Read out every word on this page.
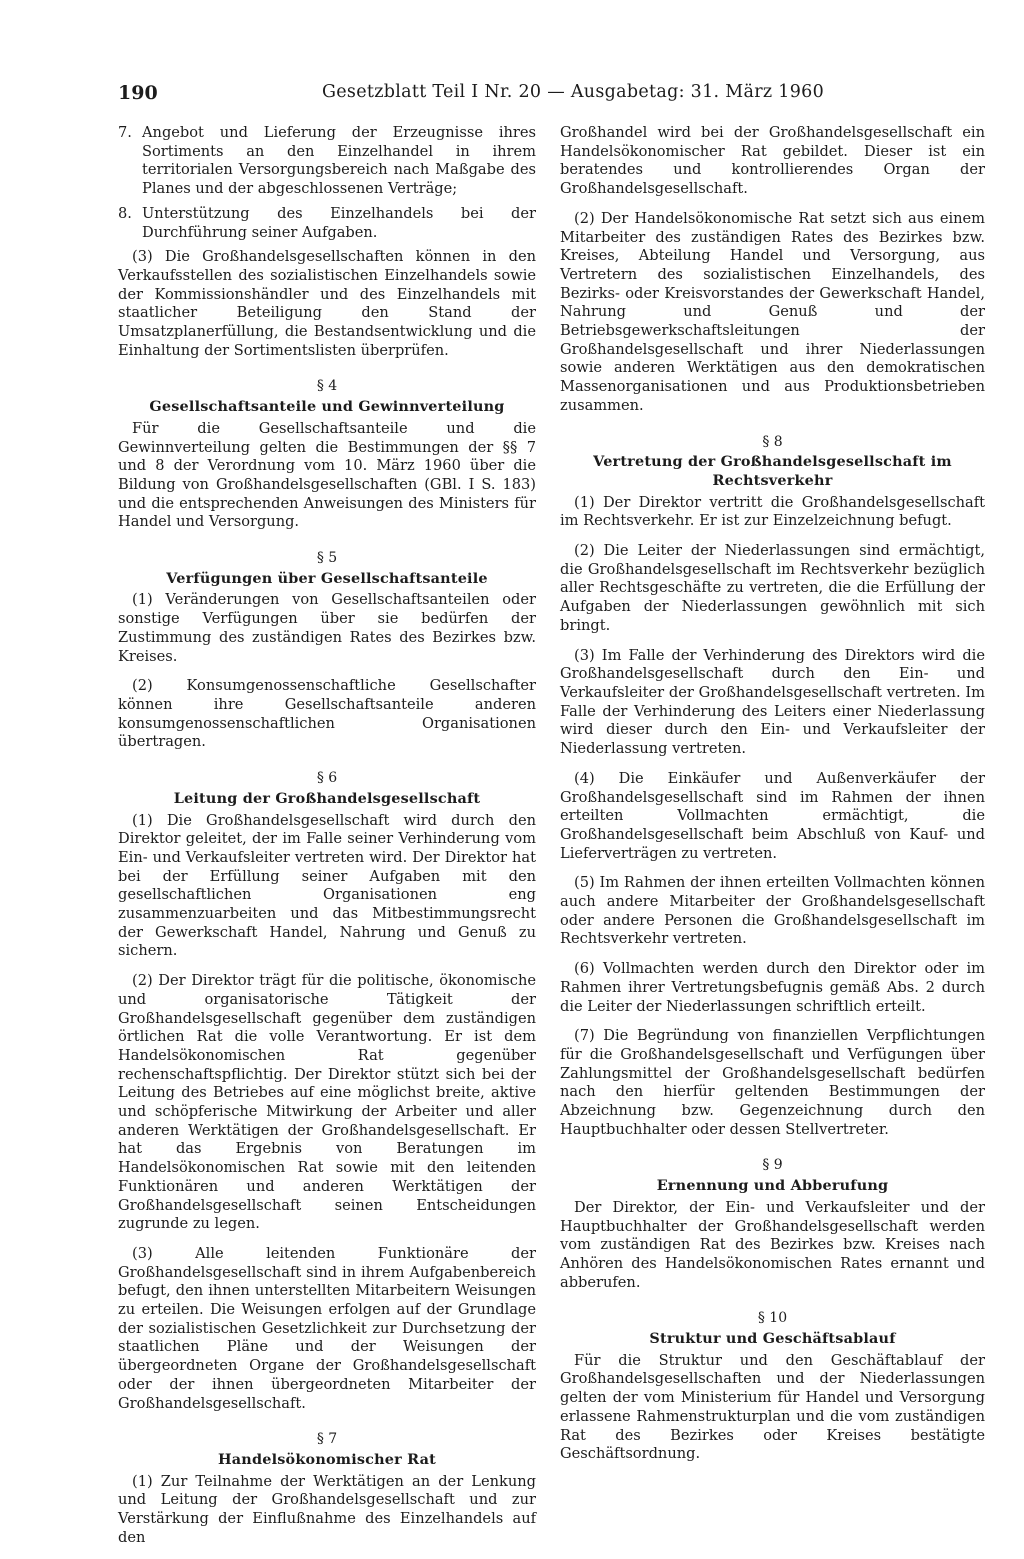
190	Gesetzblatt Teil I Nr. 20 — Ausgabetag: 31. März 1960
7. Angebot und Lieferung der Erzeugnisse ihres Sortiments an den Einzelhandel in ihrem territorialen Versorgungsbereich nach Maßgabe des Planes und der abgeschlossenen Verträge;
8. Unterstützung des Einzelhandels bei der Durchführung seiner Aufgaben.

(3) Die Großhandelsgesellschaften können in den Verkaufsstellen des sozialistischen Einzelhandels sowie der Kommissionshändler und des Einzelhandels mit staatlicher Beteiligung den Stand der Umsatzplanerfüllung, die Bestandsentwicklung und die Einhaltung der Sortimentslisten überprüfen.

§ 4
Gesellschaftsanteile und Gewinnverteilung

Für die Gesellschaftsanteile und die Gewinnverteilung gelten die Bestimmungen der §§ 7 und 8 der Verordnung vom 10. März 1960 über die Bildung von Großhandelsgesellschaften (GBl. I S. 183) und die entsprechenden Anweisungen des Ministers für Handel und Versorgung.

§ 5
Verfügungen über Gesellschaftsanteile

(1) Veränderungen von Gesellschaftsanteilen oder sonstige Verfügungen über sie bedürfen der Zustimmung des zuständigen Rates des Bezirkes bzw. Kreises.

(2) Konsumgenossenschaftliche Gesellschafter können ihre Gesellschaftsanteile anderen konsumgenossenschaftlichen Organisationen übertragen.

§ 6
Leitung der Großhandelsgesellschaft

(1) Die Großhandelsgesellschaft wird durch den Direktor geleitet, der im Falle seiner Verhinderung vom Ein- und Verkaufsleiter vertreten wird. Der Direktor hat bei der Erfüllung seiner Aufgaben mit den gesellschaftlichen Organisationen eng zusammenzuarbeiten und das Mitbestimmungsrecht der Gewerkschaft Handel, Nahrung und Genuß zu sichern.

(2) Der Direktor trägt für die politische, ökonomische und organisatorische Tätigkeit der Großhandelsgesellschaft gegenüber dem zuständigen örtlichen Rat die volle Verantwortung. Er ist dem Handelsökonomischen Rat gegenüber rechenschaftspflichtig. Der Direktor stützt sich bei der Leitung des Betriebes auf eine möglichst breite, aktive und schöpferische Mitwirkung der Arbeiter und aller anderen Werktätigen der Großhandelsgesellschaft. Er hat das Ergebnis von Beratungen im Handelsökonomischen Rat sowie mit den leitenden Funktionären und anderen Werktätigen der Großhandelsgesellschaft seinen Entscheidungen zugrunde zu legen.

(3) Alle leitenden Funktionäre der Großhandelsgesellschaft sind in ihrem Aufgabenbereich befugt, den ihnen unterstellten Mitarbeitern Weisungen zu erteilen. Die Weisungen erfolgen auf der Grundlage der sozialistischen Gesetzlichkeit zur Durchsetzung der staatlichen Pläne und der Weisungen der übergeordneten Organe der Großhandelsgesellschaft oder der ihnen übergeordneten Mitarbeiter der Großhandelsgesellschaft.

§ 7
Handelsökonomischer Rat

(1) Zur Teilnahme der Werktätigen an der Lenkung und Leitung der Großhandelsgesellschaft und zur Verstärkung der Einflußnahme des Einzelhandels auf den

Großhandel wird bei der Großhandelsgesellschaft ein Handelsökonomischer Rat gebildet. Dieser ist ein beratendes und kontrollierendes Organ der Großhandelsgesellschaft.

(2) Der Handelsökonomische Rat setzt sich aus einem Mitarbeiter des zuständigen Rates des Bezirkes bzw. Kreises, Abteilung Handel und Versorgung, aus Vertretern des sozialistischen Einzelhandels, des Bezirks- oder Kreisvorstandes der Gewerkschaft Handel, Nahrung und Genuß und der Betriebsgewerkschaftsleitungen der Großhandelsgesellschaft und ihrer Niederlassungen sowie anderen Werktätigen aus den demokratischen Massenorganisationen und aus Produktionsbetrieben zusammen.

§ 8
Vertretung der Großhandelsgesellschaft im Rechtsverkehr

(1) Der Direktor vertritt die Großhandelsgesellschaft im Rechtsverkehr. Er ist zur Einzelzeichnung befugt.

(2) Die Leiter der Niederlassungen sind ermächtigt, die Großhandelsgesellschaft im Rechtsverkehr bezüglich aller Rechtsgeschäfte zu vertreten, die die Erfüllung der Aufgaben der Niederlassungen gewöhnlich mit sich bringt.

(3) Im Falle der Verhinderung des Direktors wird die Großhandelsgesellschaft durch den Ein- und Verkaufsleiter der Großhandelsgesellschaft vertreten. Im Falle der Verhinderung des Leiters einer Niederlassung wird dieser durch den Ein- und Verkaufsleiter der Niederlassung vertreten.

(4) Die Einkäufer und Außenverkäufer der Großhandelsgesellschaft sind im Rahmen der ihnen erteilten Vollmachten ermächtigt, die Großhandelsgesellschaft beim Abschluß von Kauf- und Lieferverträgen zu vertreten.

(5) Im Rahmen der ihnen erteilten Vollmachten können auch andere Mitarbeiter der Großhandelsgesellschaft oder andere Personen die Großhandelsgesellschaft im Rechtsverkehr vertreten.

(6) Vollmachten werden durch den Direktor oder im Rahmen ihrer Vertretungsbefugnis gemäß Abs. 2 durch die Leiter der Niederlassungen schriftlich erteilt.

(7) Die Begründung von finanziellen Verpflichtungen für die Großhandelsgesellschaft und Verfügungen über Zahlungsmittel der Großhandelsgesellschaft bedürfen nach den hierfür geltenden Bestimmungen der Abzeichnung bzw. Gegenzeichnung durch den Hauptbuchhalter oder dessen Stellvertreter.

§ 9
Ernennung und Abberufung

Der Direktor, der Ein- und Verkaufsleiter und der Hauptbuchhalter der Großhandelsgesellschaft werden vom zuständigen Rat des Bezirkes bzw. Kreises nach Anhören des Handelsökonomischen Rates ernannt und abberufen.

§ 10
Struktur und Geschäftsablauf

Für die Struktur und den Geschäftablauf der Großhandelsgesellschaften und der Niederlassungen gelten der vom Ministerium für Handel und Versorgung erlassene Rahmenstrukturplan und die vom zuständigen Rat des Bezirkes oder Kreises bestätigte Geschäftsordnung.
